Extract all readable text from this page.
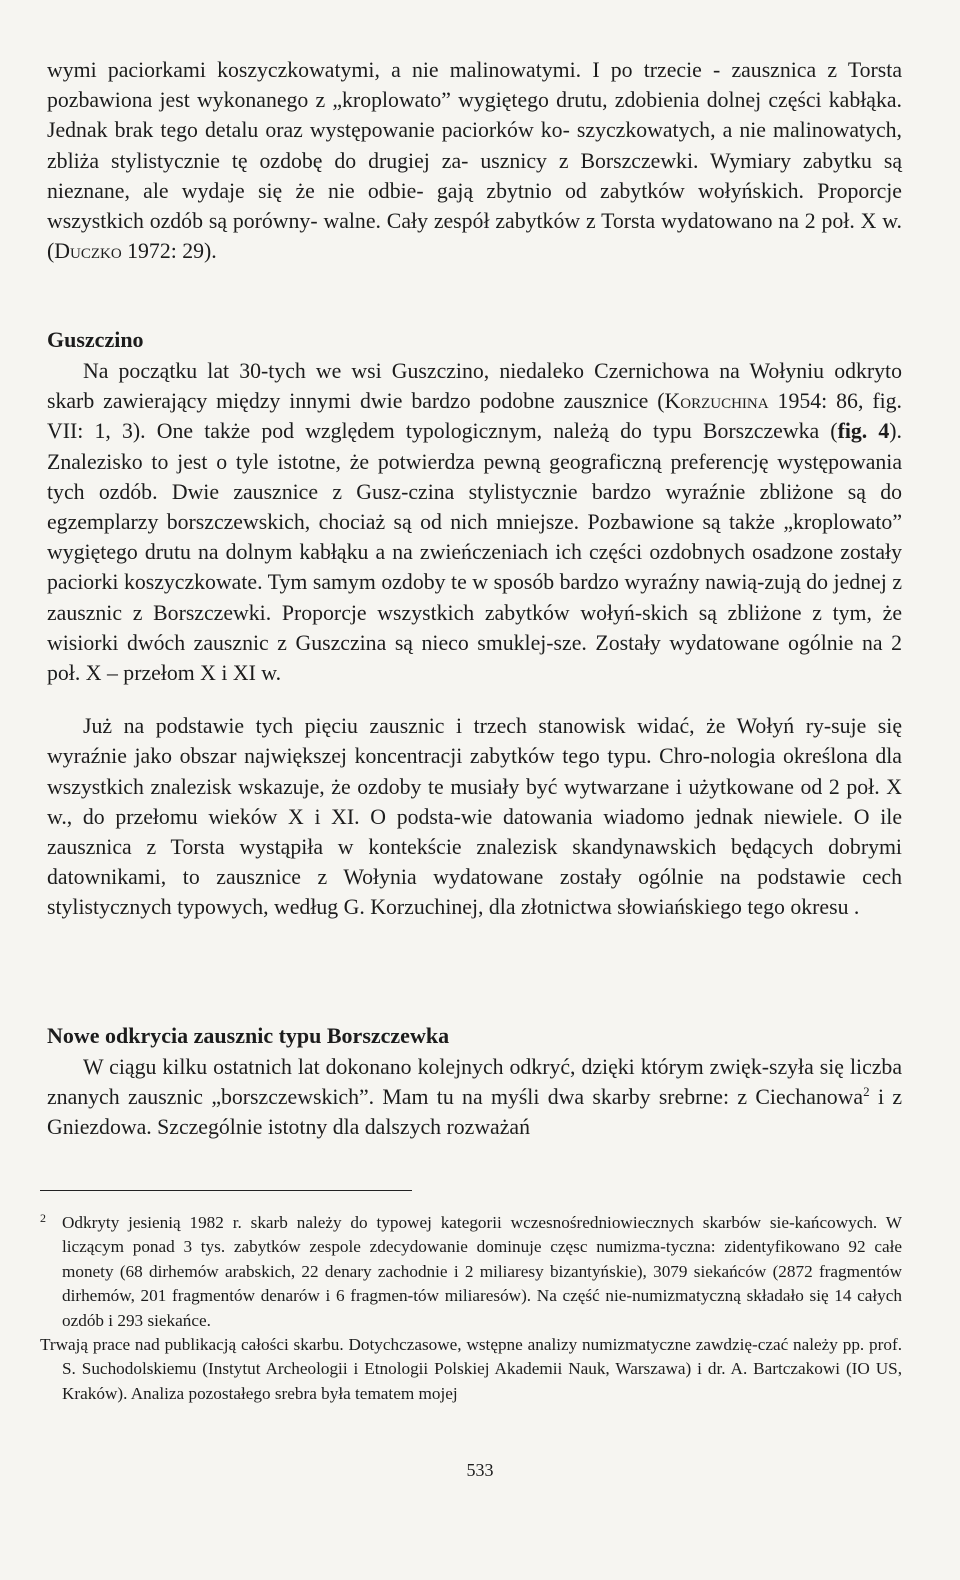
wymi paciorkami koszyczkowatymi, a nie malinowatymi. I po trzecie - zausznica z Torsta pozbawiona jest wykonanego z „kroplowato” wygiętego drutu, zdobienia dolnej części kabłąka. Jednak brak tego detalu oraz występowanie paciorków ko- szyczkowatych, a nie malinowatych, zbliża stylistycznie tę ozdobę do drugiej za- usznicy z Borszczewki. Wymiary zabytku są nieznane, ale wydaje się że nie odbie- gają zbytnio od zabytków wołyńskich. Proporcje wszystkich ozdób są porówny- walne. Cały zespół zabytków z Torsta wydatowano na 2 poł. X w. (Duczko 1972: 29).

Guszczino

Na początku lat 30-tych we wsi Guszczino, niedaleko Czernichowa na Wołyniu odkryto skarb zawierający między innymi dwie bardzo podobne zausznice (Korzuchina 1954: 86, fig. VII: 1, 3). One także pod względem typologicznym, należą do typu Borszczewka (fig. 4). Znalezisko to jest o tyle istotne, że potwierdza pewną geograficzną preferencję występowania tych ozdób. Dwie zausznice z Gusz-czina stylistycznie bardzo wyraźnie zbliżone są do egzemplarzy borszczewskich, chociaż są od nich mniejsze. Pozbawione są także „kroplowato” wygiętego drutu na dolnym kabłąku a na zwieńczeniach ich części ozdobnych osadzone zostały paciorki koszyczkowate. Tym samym ozdoby te w sposób bardzo wyraźny nawią-zują do jednej z zausznic z Borszczewki. Proporcje wszystkich zabytków wołyń-skich są zbliżone z tym, że wisiorki dwóch zausznic z Guszczina są nieco smuklej-sze. Zostały wydatowane ogólnie na 2 poł. X – przełom X i XI w.

Już na podstawie tych pięciu zausznic i trzech stanowisk widać, że Wołyń ry-suje się wyraźnie jako obszar największej koncentracji zabytków tego typu. Chro-nologia określona dla wszystkich znalezisk wskazuje, że ozdoby te musiały być wytwarzane i użytkowane od 2 poł. X w., do przełomu wieków X i XI. O podsta-wie datowania wiadomo jednak niewiele. O ile zausznica z Torsta wystąpiła w kontekście znalezisk skandynawskich będących dobrymi datownikami, to zausznice z Wołynia wydatowane zostały ogólnie na podstawie cech stylistycznych typowych, według G. Korzuchinej, dla złotnictwa słowiańskiego tego okresu .

Nowe odkrycia zausznic typu Borszczewka

W ciągu kilku ostatnich lat dokonano kolejnych odkryć, dzięki którym zwięk-szyła się liczba znanych zausznic „borszczewskich”. Mam tu na myśli dwa skarby srebrne: z Ciechanowa$^2$ i z Gniezdowa. Szczególnie istotny dla dalszych rozważań

2 Odkryty jesienią 1982 r. skarb należy do typowej kategorii wczesnośredniowiecznych skarbów sie-kańcowych. W liczącym ponad 3 tys. zabytków zespole zdecydowanie dominuje częsc numizma-tyczna: zidentyfikowano 92 całe monety (68 dirhemów arabskich, 22 denary zachodnie i 2 miliaresy bizantyńskie), 3079 siekańców (2872 fragmentów dirhemów, 201 fragmentów denarów i 6 fragmen-tów miliaresów). Na część nie-numizmatyczną składało się 14 całych ozdób i 293 siekańce.

Trwają prace nad publikacją całości skarbu. Dotychczasowe, wstępne analizy numizmatyczne zawdzię-czać należy pp. prof. S. Suchodolskiemu (Instytut Archeologii i Etnologii Polskiej Akademii Nauk, Warszawa) i dr. A. Bartczakowi (IO US, Kraków). Analiza pozostałego srebra była tematem mojej

533
